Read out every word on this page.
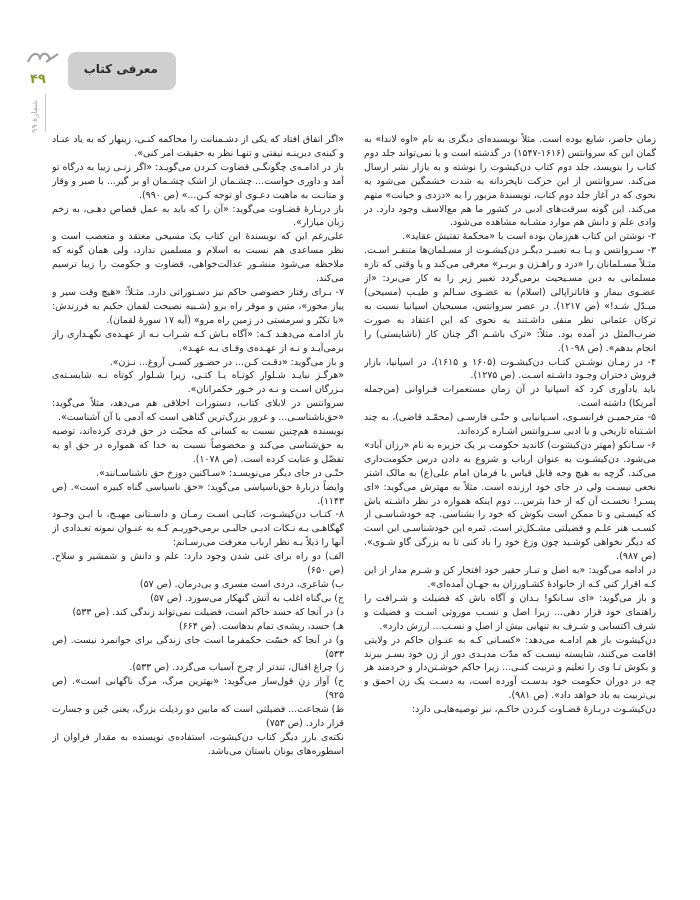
معرفی کتاب
۴۹
شمارهٔ ۹۹

زمان حاضر، شایع بوده است. مثلاً نویسنده‌ای دیگری به نام «اوه لاندا» به گمان این که سروانتس (۱۶۱۶-۱۵۴۷) در گذشته است و یا نمی‌تواند جلد دوم کتاب را بنویسد، جلد دوم کتاب دن‌کیشوت را نوشته و به بازار نشر ارسال می‌کند. سروانتس از این حرکت ناپخردانه به شدت خشمگین می‌شود به نحوی که در آغاز جلد دوم کتاب، نویسندهٔ مزبور را به «دزدی و خیانت» متهم می‌کند. این گونه سرقت‌های ادبی در کشور ما هم مع‌الاسف وجود دارد. در وادی علم و دانش هم موارد مشـابه مشاهده می‌شود.

۲- نوشتن این کتاب هم‌زمان بوده است با «محکمهٔ تفتیش عقاید».

۳- سـروانتس و یـا بـه تعبیـر دیگـر دن‌کیشـوت از مسـلمان‌ها متنفـر اسـت. مثـلاً مسـلمانان را «دزد و راهـزن و بربـر» معرفی می‌کند و یا وقتی که تازه مسلمانی به دین مسـیحیت برمی‌گردد تعبیر زیر را به کار می‌برد: «از عضـوی بیمار و فاناتراپالی (اسلام) به عضـوی سـالم و طیـب (مسیحی) مبـدّل شـد!» (ص ۱۲۱۷). در عصر سروانتس، مسیحیان اسپانیا نسبت به ترکان عثمانی نظر منفی داشـتند به نحوی که این اعتقاد به صورت ضرب‌المثل در آمده بود. مثلاً: «ترک باشـم اگر چنان کار (ناشایستی) را انجام بدهم». (ص ۱۰۹۸).

۴- در زمـان نوشـتن کتـاب دن‌کیشـوت (۱۶۰۵ و ۱۶۱۵)، در اسپانیا، بازار فروش دختران وجـود داشـته اسـت. (ص ۱۲۷۵).

باید یادآوری کرد که اسپانیا در آن زمان مستعمرات فـراوانی (من‌جمله آمریکا) داشته است.

۵- مترجمیـن فرانسـوی، اسـپانیایی و حتّـی فارسـی (محمّـد قاضی)، به چند اشـتباه تاریخی و یا ادبی سـروانتس اشـاره کرده‌اند.

۶- سـانکو (مهتر دن‌کیشوت) کاندید حکومت بر یک جزیره به نام «رزان آباد» می‌شود. دن‌کیشـوت به عنوان ارباب و شروع به دادن درس حکومت‌داری می‌کند. گرچه به هیچ وجه قابل قیاس با فرمان امام علی(ع) به مالک اشتر نخعی نیسـت ولی در جای خود ارزنده است. مثلاً به مهترش می‌گوید: «ای پسـر! نخسـت آن که از خدا بترس... دوم اینکه همواره در نظر داشـته باش که کیسـتی و تا ممکن است بکوش که خود را بشناسی. چه خودشناسـی از کسـب هنر علـم و فضیلتی مشـکل‌تر است. ثمره این خودشناسـی این است که دیگر نخواهی کوشـید چون وزغ خود را باد کنی تا به بزرگی گاو شـوی». (ص ۹۸۷).

در ادامه می‌گوید: «به اصل و تبـار حقیر خود افتخار کن و شـرم مدار از این کـه اقرار کنی کـه از خانوادهٔ کشـاورزان به جهـان آمده‌ای».

و باز می‌گوید: «ای سـانکو! بـدان و آگاه باش که فضیلت و شـرافت را راهنمای خود قرار دهی... زیرا اصل و نسـب موروثی اسـت و فضیلت و شرف اکتسابی و شـرف به تنهایی بیش از اصل و نسـب... ارزش دارد».

دن‌کیشوت باز هم ادامـه می‌دهد: «کسـانی کـه به عنـوان حاکم در ولایتی اقامت می‌کنند، شایسته نیسـت که مدّت مدیـدی دور از زن خود بسـر ببرند و بکوش تـا وی را تعلیم و تربیت کنـی... زیرا حاکم خوشـتن‌دار و خردمند هر چه در دوران حکومت خود بدسـت آورده است، به دسـت یک زن احمق و بی‌تربیت به باد خواهد داد». (ص ۹۸۱).

دن‌کیشـوت دربـارهٔ قضـاوت کـردن حاکـم، نیز توصیه‌هایـی دارد:

«اگر اتفاق افتاد که یکی از دشـمنانت را محاکمه کنـی، زینهار که به یاد عنـاد و کینه‌ی دیرینـه نیفتی و تنهـا نظر به حقیقت امر کنی».

باز در ادامـه‌ی چگونگـی قضاوت کـردن می‌گویـد: «اگر زنـی زیبا به درگاه تو آمد و داوری خواست... چشـمان از اشک چشـمان او بر گیر... با صبر و وقار و متانـت به ماهیت دعـوی او توجه کـن...» (ص ۹۹۰).

باز دربـارهٔ قضـاوت می‌گوید: «آن را که باید به عمل قصاص دهـی، به زخم زبان میازار».

علی‌رغم این که نویسندهٔ این کتاب یک مسیحی معتقد و متعصب است و نظر مساعدی هم نسبت به اسلام و مسلمین ندارد، ولی همان گونه که ملاحظه می‌شود منشـور عدالت‌خواهی، قضاوت و حکومت را زیبا ترسیم می‌کند.

۷- بـرای رفتار خصوصی حاکم نیز دسـتوراتی دارد. مثـلاً: «هیچ وقت سیر و پیاز مخور»، متین و موقر راه برو (شـبیه نصیحت لقمان حکیم به فرزندش: «با تکبّر و سرمستی در زمین راه مرو» (آیه ۱۷ سورهٔ لقمان).

باز ادامـه می‌دهـد کـه: «آگاه بـاش کـه شـراب نـه از عهـده‌ی نگهـداری راز برمی‌آیـد و نـه از عهـده‌ی وفـای بـه عهـد».

و باز می‌گوید: «دقـت کـن... در حضـور کسـی آروغ... نـزن».

«هرگـز نبایـد شـلوار کوتـاه یـا کتـی، زیرا شـلوار کوتاه نـه شایسـته‌ی بـزرگان اسـت و نـه در خـور حکمرانان».

سروانتس در لابلای کتاب، دستورات اخلاقی هم می‌دهد، مثلاً می‌گوید: «حق‌ناشناسـی... و غرور بزرگ‌ترین گناهی است که آدمی با آن آشناست».

نویسنده هم‌چنین نسبت به کسانی که محبّت در حق فردی کرده‌اند، توصیه به حق‌شناسی می‌کند و مخصوصاً نسبت به خدا که همواره در حق او به تفضّل و عنایت کرده است. (ص ۱۰۷۸).

حتّـی در جای دیگر می‌نویسـد: «سـاکنین دوزخ حق ناشناسـانند».

وایضاً دربارهٔ حق‌ناسپاسی می‌گوید: «حق ناسپاسی گناه کبیره است». (ص ۱۱۴۳).

۸- کتـاب دن‌کیشـوت، کتابـی اسـت رمـان و داسـتانی مهیـج، با ایـن وجـود گهگاهـی بـه نـکات ادبـی جالبـی برمی‌خوریـم کـه به عنـوان نمونه تعـدادی از آنها را ذیلاً بـه نظر ارباب معرفت می‌رسـانم:

الف) دو راه برای غنی شدن وجود دارد: علم و دانش و شمشیر و سلاح. (ص ۶۵۰)

ب) شاعری، دردی است مسری و بی‌درمان. (ص ۵۷)

ج) بی‌گناه اغلب به آتش گنهکار می‌سوزد. (ص ۵۷)

د) در آنجا که حسد حاکم است، فضیلت نمی‌تواند زندگی کند. (ص ۵۳۳)

هـ) حسد، ریشه‌ی تمام بدهاست. (ص ۶۶۴)

و) در آنجا که خسّت حکمفرما است جای زندگی برای جوانمرد نیست. (ص ۵۳۳)

ز) چراغ اقبال، تندتر از چرخ آسیاب می‌گردد. (ص ۵۳۳).

ح) آواز زنِ قول‌ساز می‌گوید: «بهترین مرگ، مرگ ناگهانی است». (ص ۹۲۵)

ط) شجاعت... فضیلتی است که مابین دو رذیلت بزرگ، یعنی جُبن و جسارت قرار دارد. (ص ۷۵۳)

نکته‌ی بارز دیگر کتاب دن‌کیشوت، استفاده‌ی نویسنده به مقدار فراوان از اسطوره‌های یونان باستان می‌باشد.
